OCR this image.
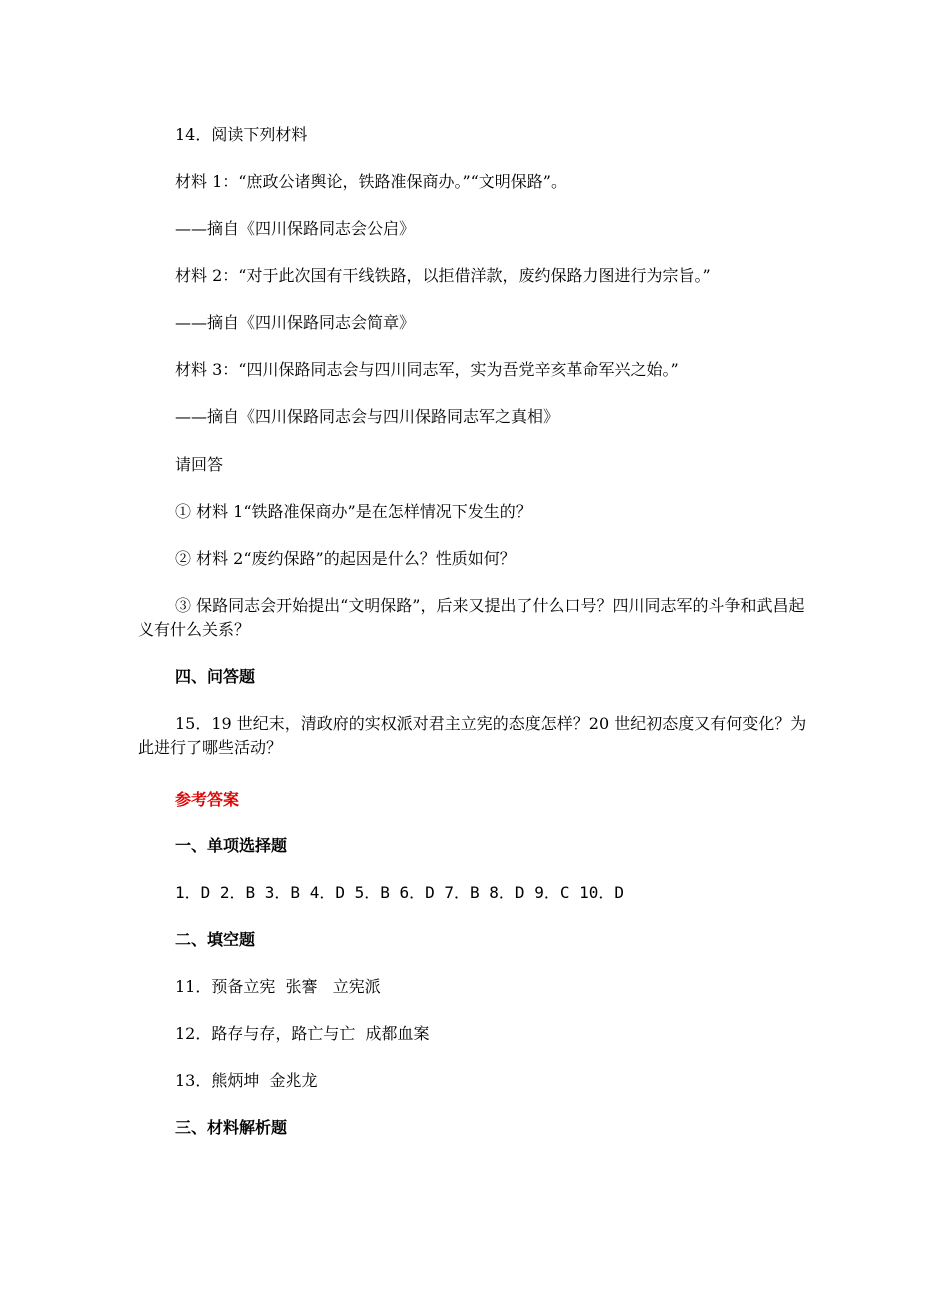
14．阅读下列材料

材料 1：“庶政公诸舆论，铁路准保商办。”“文明保路”。

——摘自《四川保路同志会公启》

材料 2：“对于此次国有干线铁路，以拒借洋款，废约保路力图进行为宗旨。”

——摘自《四川保路同志会简章》

材料 3：“四川保路同志会与四川同志军，实为吾党辛亥革命军兴之始。”

——摘自《四川保路同志会与四川保路同志军之真相》

请回答

① 材料 1“铁路准保商办”是在怎样情况下发生的？

② 材料 2“废约保路”的起因是什么？性质如何？

③ 保路同志会开始提出“文明保路”，后来又提出了什么口号？四川同志军的斗争和武昌起义有什么关系？

四、问答题

15．19 世纪末，清政府的实权派对君主立宪的态度怎样？20 世纪初态度又有何变化？为此进行了哪些活动？

参考答案

一、单项选择题

1．D 2．B 3．B 4．D 5．B 6．D 7．B 8．D 9．C 10．D

二、填空题

11．预备立宪  张謇   立宪派

12．路存与存，路亡与亡  成都血案

13．熊炳坤  金兆龙

三、材料解析题
